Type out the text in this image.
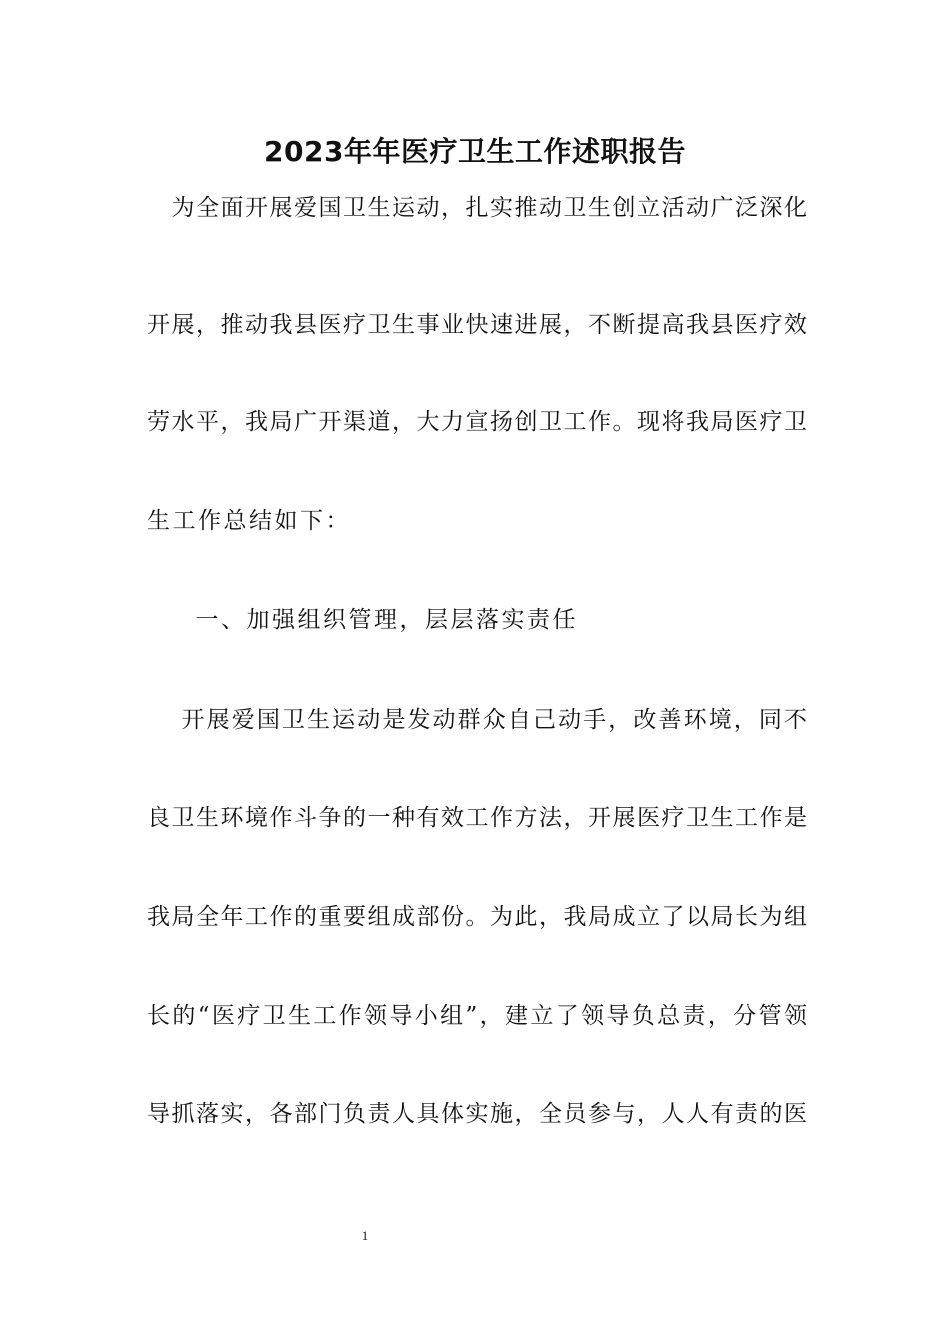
2023年年医疗卫生工作述职报告
　为全面开展爱国卫生运动，扎实推动卫生创立活动广泛深化
开展，推动我县医疗卫生事业快速进展，不断提高我县医疗效
劳水平，我局广开渠道，大力宣扬创卫工作。现将我局医疗卫
生工作总结如下：
　一、加强组织管理，层层落实责任
　 开展爱国卫生运动是发动群众自己动手，改善环境，同不
良卫生环境作斗争的一种有效工作方法，开展医疗卫生工作是
我局全年工作的重要组成部份。为此，我局成立了以局长为组
长的“医疗卫生工作领导小组”，建立了领导负总责，分管领
导抓落实，各部门负责人具体实施，全员参与，人人有责的医
1
